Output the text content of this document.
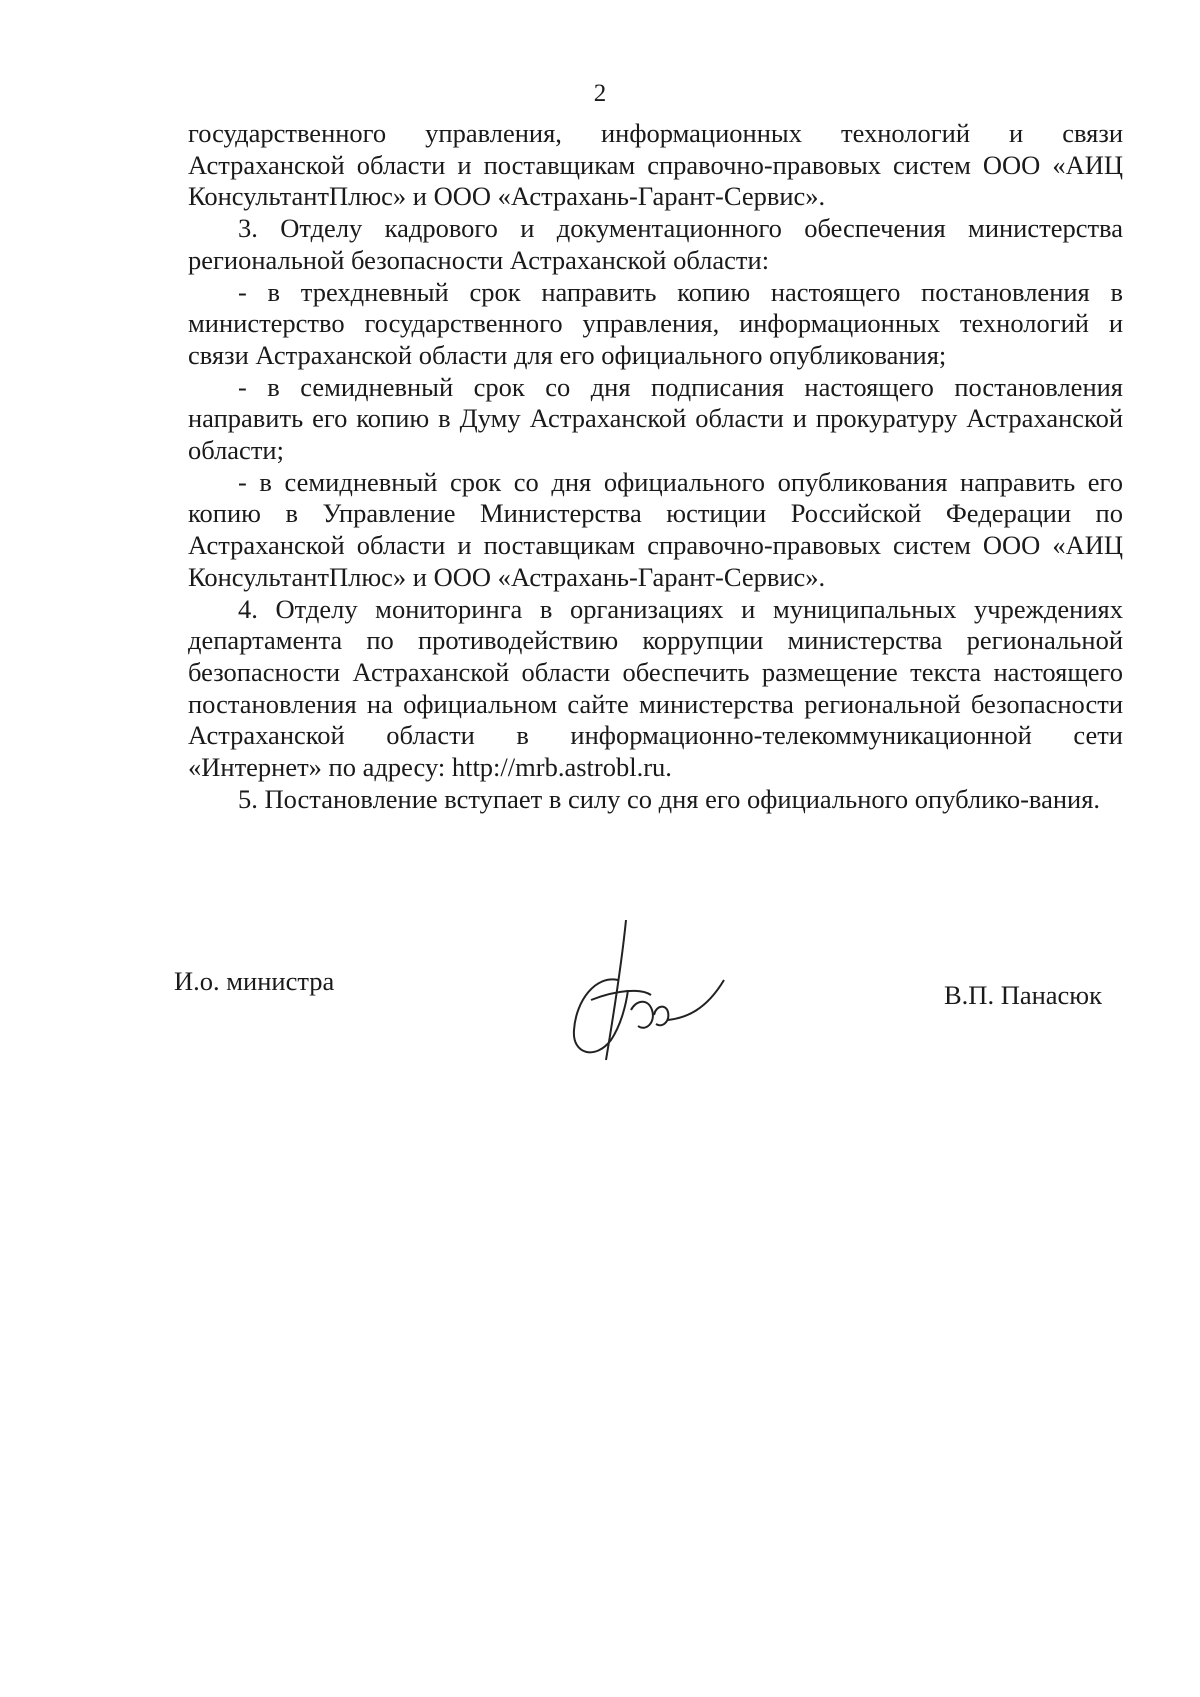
2

государственного управления, информационных технологий и связи Астраханской области и поставщикам справочно-правовых систем ООО «АИЦ КонсультантПлюс» и ООО «Астрахань-Гарант-Сервис».

3. Отделу кадрового и документационного обеспечения министерства региональной безопасности Астраханской области:

- в трехдневный срок направить копию настоящего постановления в министерство государственного управления, информационных технологий и связи Астраханской области для его официального опубликования;

- в семидневный срок со дня подписания настоящего постановления направить его копию в Думу Астраханской области и прокуратуру Астраханской области;

- в семидневный срок со дня официального опубликования направить его копию в Управление Министерства юстиции Российской Федерации по Астраханской области и поставщикам справочно-правовых систем ООО «АИЦ КонсультантПлюс» и ООО «Астрахань-Гарант-Сервис».

4. Отделу мониторинга в организациях и муниципальных учреждениях департамента по противодействию коррупции министерства региональной безопасности Астраханской области обеспечить размещение текста настоящего постановления на официальном сайте министерства региональной безопасности Астраханской области в информационно-телекоммуникационной сети «Интернет» по адресу: http://mrb.astrobl.ru.

5. Постановление вступает в силу со дня его официального опублико-вания.

И.о. министра	В.П. Панасюк
